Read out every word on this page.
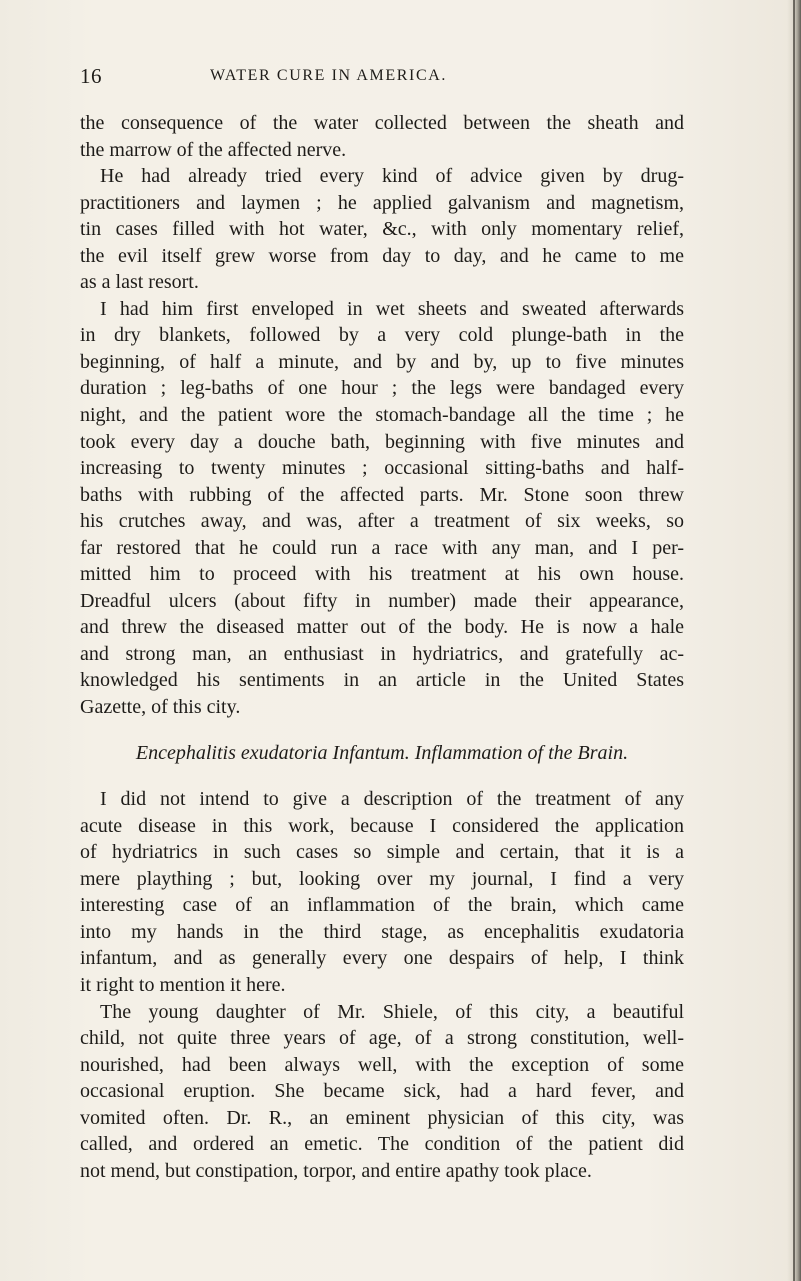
16	WATER CURE IN AMERICA.
the consequence of the water collected between the sheath and
the marrow of the affected nerve.
He had already tried every kind of advice given by drug-
practitioners and laymen ; he applied galvanism and magnetism,
tin cases filled with hot water, &c., with only momentary relief,
the evil itself grew worse from day to day, and he came to me
as a last resort.
I had him first enveloped in wet sheets and sweated afterwards
in dry blankets, followed by a very cold plunge-bath in the
beginning, of half a minute, and by and by, up to five minutes
duration ; leg-baths of one hour ; the legs were bandaged every
night, and the patient wore the stomach-bandage all the time ; he
took every day a douche bath, beginning with five minutes and
increasing to twenty minutes ; occasional sitting-baths and half-
baths with rubbing of the affected parts. Mr. Stone soon threw
his crutches away, and was, after a treatment of six weeks, so
far restored that he could run a race with any man, and I per-
mitted him to proceed with his treatment at his own house.
Dreadful ulcers (about fifty in number) made their appearance,
and threw the diseased matter out of the body. He is now a hale
and strong man, an enthusiast in hydriatrics, and gratefully ac-
knowledged his sentiments in an article in the United States
Gazette, of this city.
Encephalitis exudatoria Infantum. Inflammation of the Brain.
I did not intend to give a description of the treatment of any
acute disease in this work, because I considered the application
of hydriatrics in such cases so simple and certain, that it is a
mere plaything ; but, looking over my journal, I find a very
interesting case of an inflammation of the brain, which came
into my hands in the third stage, as encephalitis exudatoria
infantum, and as generally every one despairs of help, I think
it right to mention it here.
The young daughter of Mr. Shiele, of this city, a beautiful
child, not quite three years of age, of a strong constitution, well-
nourished, had been always well, with the exception of some
occasional eruption. She became sick, had a hard fever, and
vomited often. Dr. R., an eminent physician of this city, was
called, and ordered an emetic. The condition of the patient did
not mend, but constipation, torpor, and entire apathy took place.
